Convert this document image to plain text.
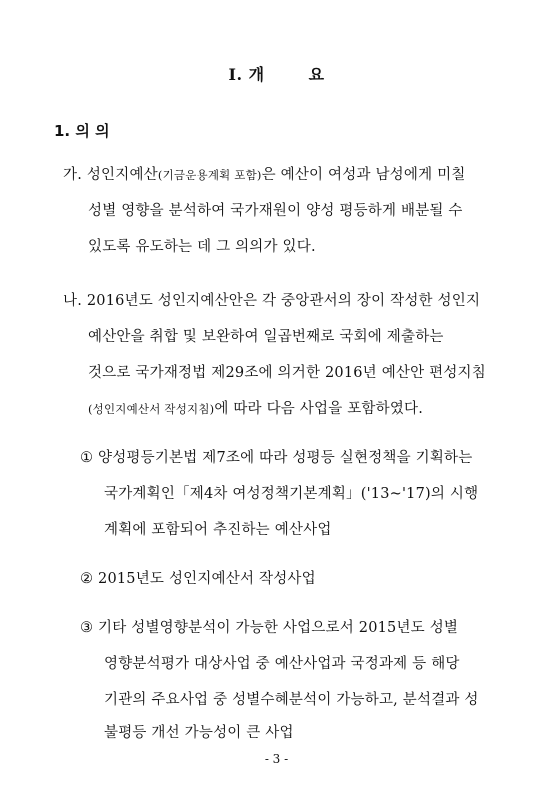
Ⅰ. 개	요
1. 의 의
가. 성인지예산(기금운용계획 포함)은 예산이 여성과 남성에게 미칠
성별 영향을 분석하여 국가재원이 양성 평등하게 배분될 수
있도록 유도하는 데 그 의의가 있다.
나. 2016년도 성인지예산안은 각 중앙관서의 장이 작성한 성인지
예산안을 취합 및 보완하여 일곱번째로 국회에 제출하는
것으로 국가재정법 제29조에 의거한 2016년 예산안 편성지침
(성인지예산서 작성지침)에 따라 다음 사업을 포함하였다.
① 양성평등기본법 제7조에 따라 성평등 실현정책을 기획하는
국가계획인「제4차 여성정책기본계획」('13~'17)의 시행
계획에 포함되어 추진하는 예산사업
② 2015년도 성인지예산서 작성사업
③ 기타 성별영향분석이 가능한 사업으로서 2015년도 성별
영향분석평가 대상사업 중 예산사업과 국정과제 등 해당
기관의 주요사업 중 성별수혜분석이 가능하고, 분석결과 성
불평등 개선 가능성이 큰 사업
- 3 -
